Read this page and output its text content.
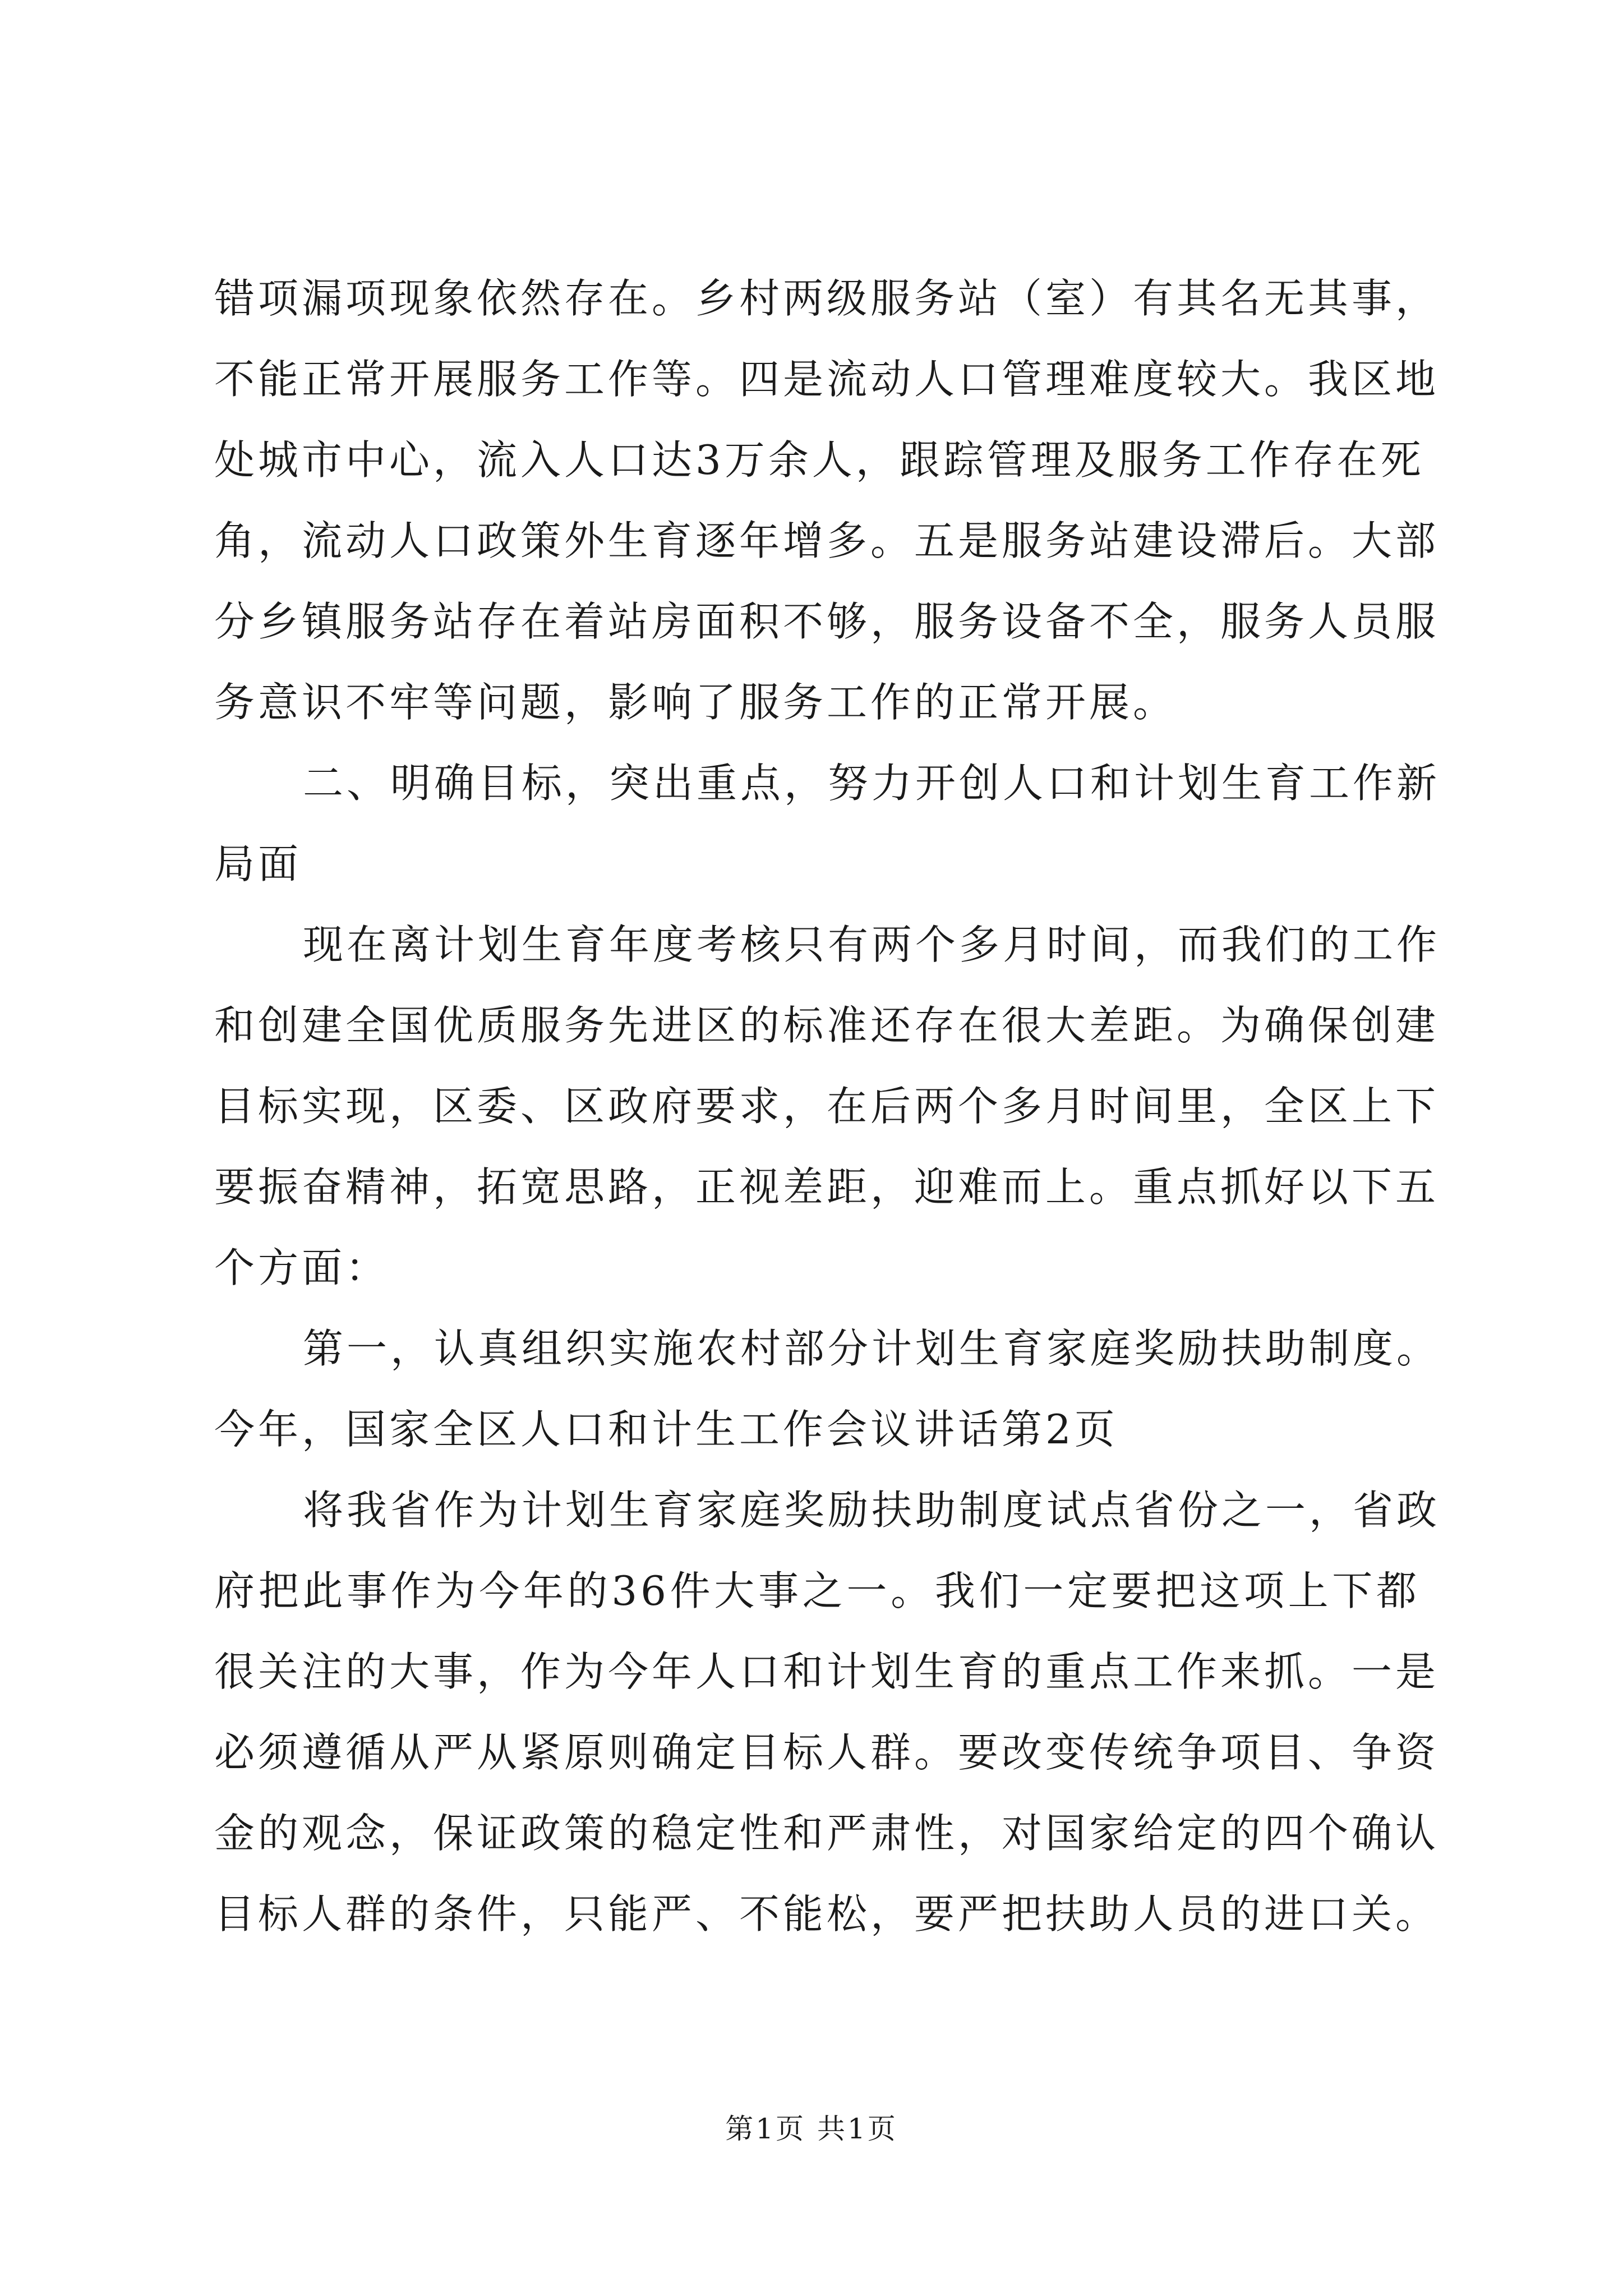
错项漏项现象依然存在。乡村两级服务站（室）有其名无其事，
不能正常开展服务工作等。四是流动人口管理难度较大。我区地
处城市中心，流入人口达3万余人，跟踪管理及服务工作存在死
角，流动人口政策外生育逐年增多。五是服务站建设滞后。大部
分乡镇服务站存在着站房面积不够，服务设备不全，服务人员服
务意识不牢等问题，影响了服务工作的正常开展。
二、明确目标，突出重点，努力开创人口和计划生育工作新
局面
现在离计划生育年度考核只有两个多月时间，而我们的工作
和创建全国优质服务先进区的标准还存在很大差距。为确保创建
目标实现，区委、区政府要求，在后两个多月时间里，全区上下
要振奋精神，拓宽思路，正视差距，迎难而上。重点抓好以下五
个方面：
第一，认真组织实施农村部分计划生育家庭奖励扶助制度。
今年，国家全区人口和计生工作会议讲话第2页
将我省作为计划生育家庭奖励扶助制度试点省份之一，省政
府把此事作为今年的36件大事之一。我们一定要把这项上下都
很关注的大事，作为今年人口和计划生育的重点工作来抓。一是
必须遵循从严从紧原则确定目标人群。要改变传统争项目、争资
金的观念，保证政策的稳定性和严肃性，对国家给定的四个确认
目标人群的条件，只能严、不能松，要严把扶助人员的进口关。
第1页 共1页
